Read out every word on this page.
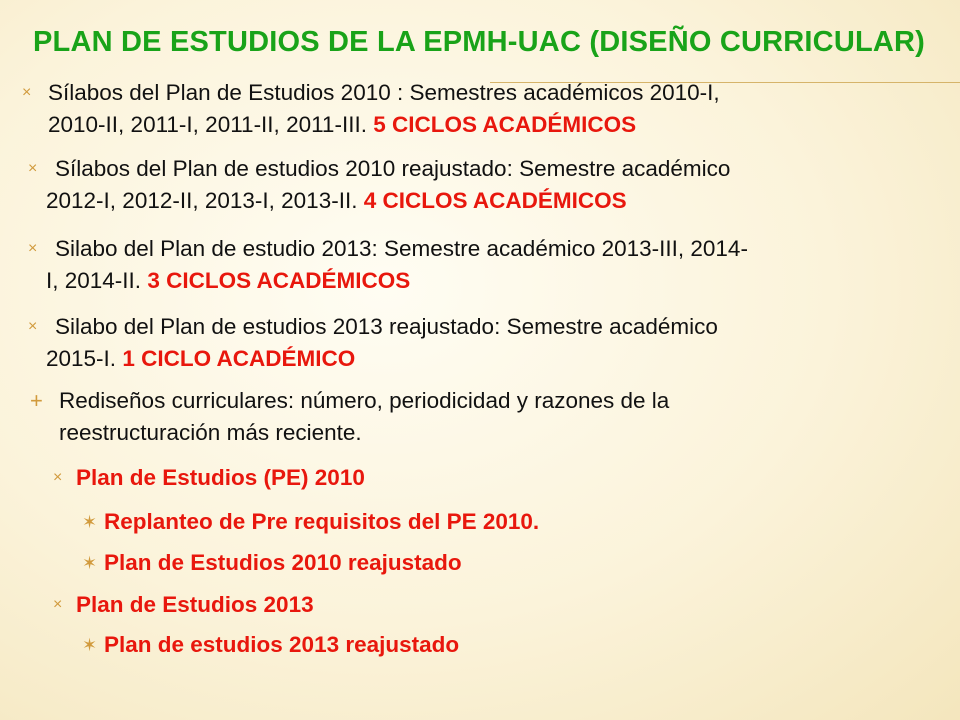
PLAN DE ESTUDIOS DE LA EPMH-UAC (DISEÑO CURRICULAR)
× Sílabos del Plan de Estudios 2010 : Semestres académicos 2010-I,
2010-II, 2011-I, 2011-II, 2011-III. 5 CICLOS ACADÉMICOS
× Sílabos del Plan de estudios 2010 reajustado: Semestre académico
2012-I, 2012-II, 2013-I, 2013-II. 4 CICLOS ACADÉMICOS
× Silabo del Plan de estudio 2013: Semestre académico 2013-III, 2014-
I, 2014-II. 3 CICLOS ACADÉMICOS
× Silabo del Plan de estudios 2013 reajustado: Semestre académico
2015-I. 1 CICLO ACADÉMICO
+ Rediseños curriculares: número, periodicidad y razones de la
reestructuración más reciente.
× Plan de Estudios (PE) 2010
✶ Replanteo de Pre requisitos del PE 2010.
✶ Plan de Estudios 2010 reajustado
× Plan de Estudios 2013
✶ Plan de estudios 2013 reajustado
